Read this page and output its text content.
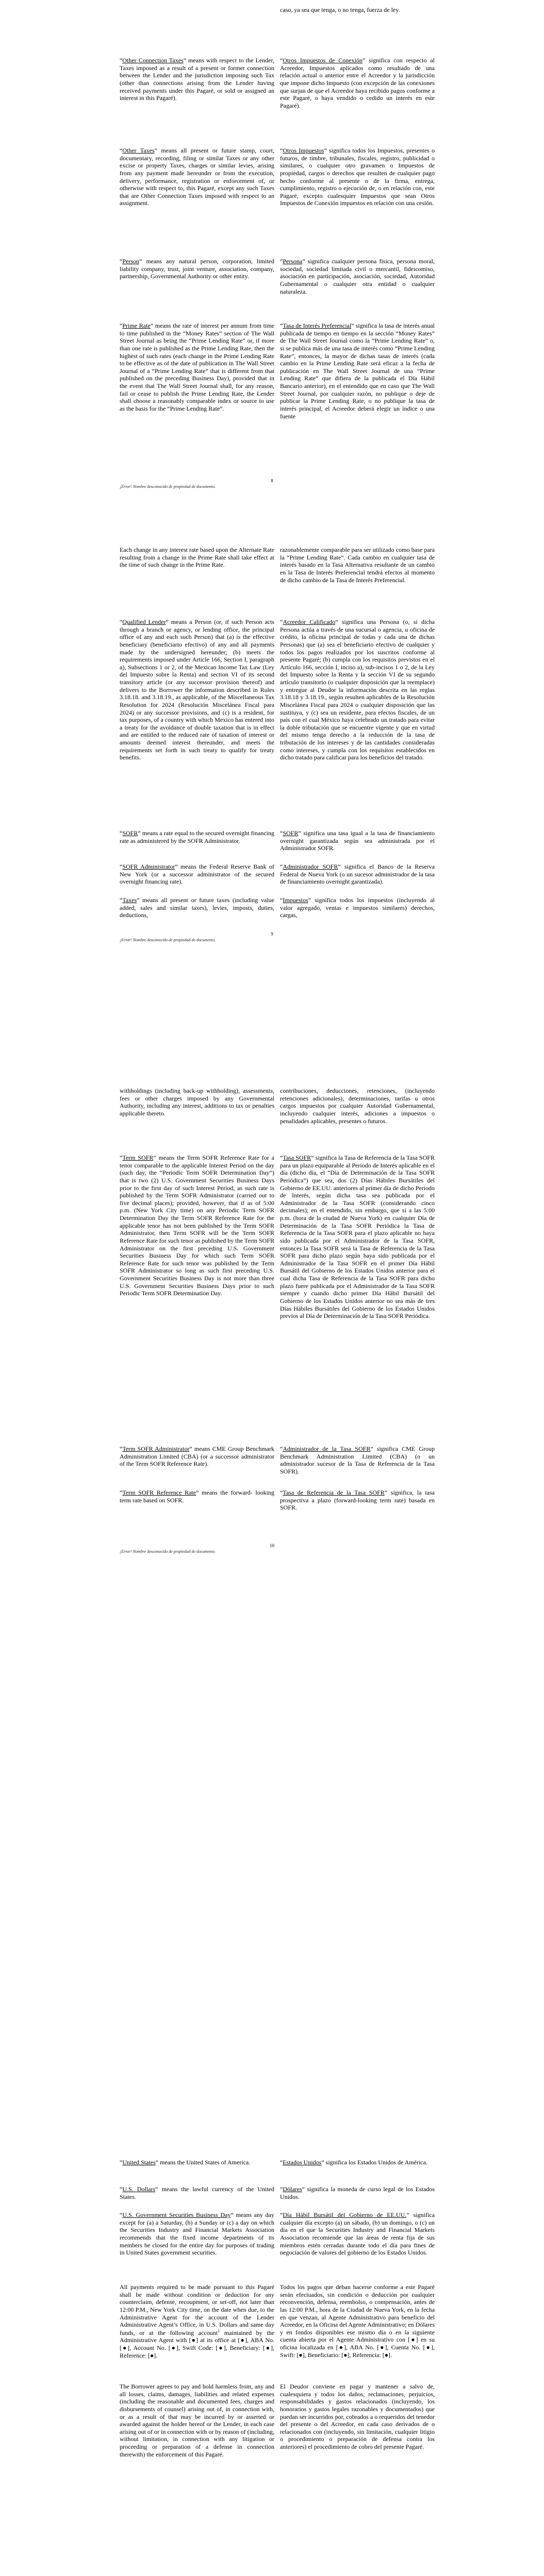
caso, ya sea que tenga, o no tenga, fuerza de ley.

“Other Connection Taxes” means with respect to the Lender, Taxes imposed as a result of a present or former connection between the Lender and the jurisdiction imposing such Tax (other than connections arising from the Lender having received payments under this Pagaré, or sold or assigned an interest in this Pagaré).

“Otros Impuestos de Conexión” significa con respecto al Acreedor, Impuestos aplicados como resultado de una relación actual o anterior entre el Acreedor y la jurisdicción que impone dicho Impuesto (con excepción de las conexiones que surjan de que el Acreedor haya recibido pagos conforme a este Pagaré, o haya vendido o cedido un interés en este Pagaré).

“Other Taxes” means all present or future stamp, court, documentary, recording, filing or similar Taxes or any other excise or property Taxes, charges or similar levies, arising from any payment made hereunder or from the execution, delivery, performance, registration or enforcement of, or otherwise with respect to, this Pagaré, except any such Taxes that are Other Connection Taxes imposed with respect to an assignment.

“Otros Impuestos” significa todos los Impuestos, presentes o futuros, de timbre, tribunales, fiscales, registro, publicidad o similares, o cualquier otro gravamen o Impuestos de propiedad, cargos o derechos que resulten de cualquier pago hecho conforme al presente o de la firma, entrega, cumplimiento, registro o ejecución de, o en relación con, este Pagaré, excepto cualesquier Impuestos que sean Otros Impuestos de Conexión impuestos en relación con una cesión.

“Person” means any natural person, corporation, limited liability company, trust, joint venture, association, company, partnership, Governmental Authority or other entity.

“Persona” significa cualquier persona física, persona moral, sociedad, sociedad limitada civil o mercantil, fideicomiso, asociación en participación, asociación, sociedad, Autoridad Gubernamental o cualquier otra entidad o cualquier naturaleza.

“Prime Rate” means the rate of interest per annum from time to time published in the “Money Rates” section of The Wall Street Journal as being the “Prime Lending Rate” or, if more than one rate is published as the Prime Lending Rate, then the highest of such rates (each change in the Prime Lending Rate to be effective as of the date of publication in The Wall Street Journal of a “Prime Lending Rate” that is different from that published on the preceding Business Day), provided that in the event that The Wall Street Journal shall, for any reason, fail or cease to publish the Prime Lending Rate, the Lender shall choose a reasonably comparable index or source to use as the basis for the “Prime Lending Rate”.

“Tasa de Interés Preferencial” significa la tasa de interés anual publicada de tiempo en tiempo en la sección “Money Rates” de The Wall Street Journal como la “Prime Lending Rate” o, si se publica más de una tasa de interés como “Prime Lending Rate”, entonces, la mayor de dichas tasas de interés (cada cambio en la Prime Lending Rate será eficaz a la fecha de publicación en The Wall Street Journal de una “Prime Lending Rate” que difiera de la publicada el Día Hábil Bancario anterior), en el entendido que en caso que The Wall Street Journal, por cualquier razón, no publique o deje de publicar la Prime Lending Rate, o no publique la tasa de interés principal, el Acreedor deberá elegir un índice o una fuente

8
¡Error! Nombre desconocido de propiedad de documento.

Each change in any interest rate based upon the Alternate Rate resulting from a change in the Prime Rate shall take effect at the time of such change in the Prime Rate.

razonablemente comparable para ser utilizado como base para la “Prime Lending Rate”. Cada cambio en cualquier tasa de interés basado en la Tasa Alternativa resultante de un cambio en la Tasa de Interés Preferencial tendrá efectos al momento de dicho cambio de la Tasa de Interés Preferencial.

“Qualified Lender” means a Person (or, if such Person acts through a branch or agency, or lending office, the principal office of any and each such Person) that (a) is the effective beneficiary (beneficiario efectivo) of any and all payments made by the undersigned hereunder; (b) meets the requirements imposed under Article 166, Section I, paragraph a), Subsections 1 or 2, of the Mexican Income Tax Law (Ley del Impuesto sobre la Renta) and section VI of its second transitory article (or any successor provision thereof) and delivers to the Borrower the information described in Rules 3.18.18. and 3.18.19., as applicable, of the Miscellaneous Tax Resolution for 2024 (Resolución Miscelánea Fiscal para 2024) or any successor provisions, and (c) is a resident, for tax purposes, of a country with which Mexico has entered into a treaty for the avoidance of double taxation that is in effect and are entitled to the reduced rate of taxation of interest or amounts deemed interest thereunder, and meets the requirements set forth in such treaty to qualify for treaty benefits.

“Acreedor Calificado” significa una Persona (o, si dicha Persona actúa a través de una sucursal o agencia, u oficina de crédito, la oficina principal de todas y cada una de dichas Personas) que (a) sea el beneficiario efectivo de cualquier y todos los pagos realizados por los suscritos conforme al presente Pagaré; (b) cumpla con los requisitos previstos en el Artículo 166, sección I, inciso a), sub-incisos 1 o 2, de la Ley del Impuesto sobre la Renta y la sección VI de su segundo artículo transitorio (o cualquier disposición que la reemplace) y entregue al Deudor la información descrita en las reglas 3.18.18 y 3.18.19., según resulten aplicables de la Resolución Miscelánea Fiscal para 2024 o cualquier disposición que las sustituya, y (c) sea un residente, para efectos fiscales, de un país con el cual México haya celebrado un tratado para evitar la doble tributación que se encuentre vigente y que en virtud del mismo tenga derecho a la reducción de la tasa de tributación de los intereses y de las cantidades consideradas como intereses, y cumpla con los requisitos establecidos en dicho tratado para calificar para los beneficios del tratado.

“SOFR” means a rate equal to the secured overnight financing rate as administered by the SOFR Administrator.

“SOFR” significa una tasa igual a la tasa de financiamiento overnight garantizada según sea administrada por el Administrador SOFR.

“SOFR Administrator” means the Federal Reserve Bank of New York (or a successor administrator of the secured overnight financing rate).

“Administrador SOFR” significa el Banco de la Reserva Federal de Nueva York (o un sucesor administrador de la tasa de financiamiento overnight garantizada).

“Taxes” means all present or future taxes (including value added, sales and similar taxes), levies, imposts, duties, deductions,

“Impuestos” significa todos los impuestos (incluyendo al valor agregado, ventas e impuestos similares) derechos, cargas,

9
¡Error! Nombre desconocido de propiedad de documento.

withholdings (including back-up withholding), assessments, fees or other charges imposed by any Governmental Authority, including any interest, additions to tax or penalties applicable thereto.

contribuciones, deducciones, retenciones, (incluyendo retenciones adicionales), determinaciones, tarifas u otros cargos impuestos por cualquier Autoridad Gubernamental, incluyendo cualquier interés, adiciones a impuestos o penalidades aplicables, presentes o futuros.

“Term SOFR” means the Term SOFR Reference Rate for a tenor comparable to the applicable Interest Period on the day (such day, the “Periodic Term SOFR Determination Day”) that is two (2) U.S. Government Securities Business Days prior to the first day of such Interest Period, as such rate is published by the Term SOFR Administrator (carried out to five decimal places); provided, however, that if as of 5:00 p.m. (New York City time) on any Periodic Term SOFR Determination Day the Term SOFR Reference Rate for the applicable tenor has not been published by the Term SOFR Administrator, then Term SOFR will be the Term SOFR Reference Rate for such tenor as published by the Term SOFR Administrator on the first preceding U.S. Government Securities Business Day for which such Term SOFR Reference Rate for such tenor was published by the Term SOFR Administrator so long as such first preceding U.S. Government Securities Business Day is not more than three U.S. Government Securities Business Days prior to such Periodic Term SOFR Determination Day.

“Tasa SOFR” significa la Tasa de Referencia de la Tasa SOFR para un plazo equiparable al Periodo de Interés aplicable en el día (dicho día, el “Día de Determinación de la Tasa SOFR Periódica”) que sea, dos (2) Días Hábiles Bursátiles del Gobierno de EE.UU. anteriores al primer día de dicho Periodo de Interés, según dicha tasa sea publicada por el Administrador de la Tasa SOFR (considerando cinco decimales); en el entendido, sin embargo, que si a las 5:00 p.m. (hora de la ciudad de Nueva York) en cualquier Día de Determinación de la Tasa SOFR Periódica la Tasa de Referencia de la Tasa SOFR para el plazo aplicable no haya sido publicada por el Administrador de la Tasa SOFR, entonces la Tasa SOFR será la Tasa de Referencia de la Tasa SOFR para dicho plazo según haya sido publicada por el Administrador de la Tasa SOFR en el primer Día Hábil Bursátil del Gobierno de los Estados Unidos anterior para el cual dicha Tasa de Referencia de la Tasa SOFR para dicho plazo fuere publicada por el Administrador de la Tasa SOFR siempre y cuando dicho primer Día Hábil Bursátil del Gobierno de los Estados Unidos anterior no sea más de tres Días Hábiles Bursátiles del Gobierno de los Estados Unidos previos al Día de Determinación de la Tasa SOFR Periódica.

“Term SOFR Administrator” means CME Group Benchmark Administration Limited (CBA) (or a successor administrator of the Term SOFR Reference Rate).

“Administrador de la Tasa SOFR” significa CME Group Benchmark Administration Limited (CBA) (o un administrador sucesor de la Tasa de Referencia de la Tasa SOFR).

“Term SOFR Reference Rate” means the forward- looking term rate based on SOFR.

“Tasa de Referencia de la Tasa SOFR” significa, la tasa prospectiva a plazo (forward-looking term rate) basada en SOFR.

10
¡Error! Nombre desconocido de propiedad de documento.

“United States” means the United States of America.	“Estados Unidos” significa los Estados Unidos de América.

“U.S. Dollars” means the lawful currency of the United States.

“Dólares” significa la moneda de curso legal de los Estados Unidos.

“U.S. Government Securities Business Day” means any day except for (a) a Saturday, (b) a Sunday or (c) a day on which the Securities Industry and Financial Markets Association recommends that the fixed income departments of its members be closed for the entire day for purposes of trading in United States government securities.

“Día Hábil Bursátil del Gobierno de EE.UU.” significa cualquier día excepto (a) un sábado, (b) un domingo, o (c) un día en el que la Securities Industry and Financial Markets Association recomiende que las áreas de renta fija de sus miembros estén cerradas durante todo el día para fines de negociación de valores del gobierno de los Estados Unidos.

All payments required to be made pursuant to this Pagaré shall be made without condition or deduction for any counterclaim, defense, recoupment, or set-off, not later than 12:00 P.M., New York City time, on the date when due, to the Administrative Agent for the account of the Lender Administrative Agent’s Office, in U.S. Dollars and same day funds, or at the following account$^1$ maintained by the Administrative Agent with [●] at its office at [●], ABA No. [●], Account No. [●], Swift Code: [●], Beneficiary: [●], Reference: [●].

Todos los pagos que deban hacerse conforme a este Pagaré serán efectuados, sin condición o deducción por cualquier reconvención, defensa, reembolso, o compensación, antes de las 12:00 P.M., hora de la Ciudad de Nueva York, en la fecha en que venzan, al Agente Administrativo para beneficio del Acreedor, en la Oficina del Agente Administrativo; en Dólares y en fondos disponibles ese mismo día o en la siguiente cuenta abierta por el Agente Administrativo con [●] en su oficina localizada en [●], ABA No. [●], Cuenta No. [●], Swift: [●], Beneficiario: [●], Referencia: [●].

The Borrower agrees to pay and hold harmless from, any and all losses, claims, damages, liabilities and related expenses (including the reasonable and documented fees, charges and disbursements of counsel) arising out of, in connection with, or as a result of that may be incurred by or asserted or awarded against the holder hereof or the Lender, in each case arising out of or in connection with or by reason of (including, without limitation, in connection with any litigation or proceeding or preparation of a defense in connection therewith) the enforcement of this Pagaré.

El Deudor conviene en pagar y mantener a salvo de, cualesquiera y todos los daños, reclamaciones, perjuicios, responsabilidades y gastos relacionados (incluyendo, los honorarios y gastos legales razonables y documentados) que puedan ser incurridos por, cobrados a o requeridos del tenedor del presente o del Acreedor, en cada caso derivados de o relacionados con (incluyendo, sin limitación, cualquier litigio o procedimiento o preparación de defensa contra los anteriores) el procedimiento de cobro del presente Pagaré.
